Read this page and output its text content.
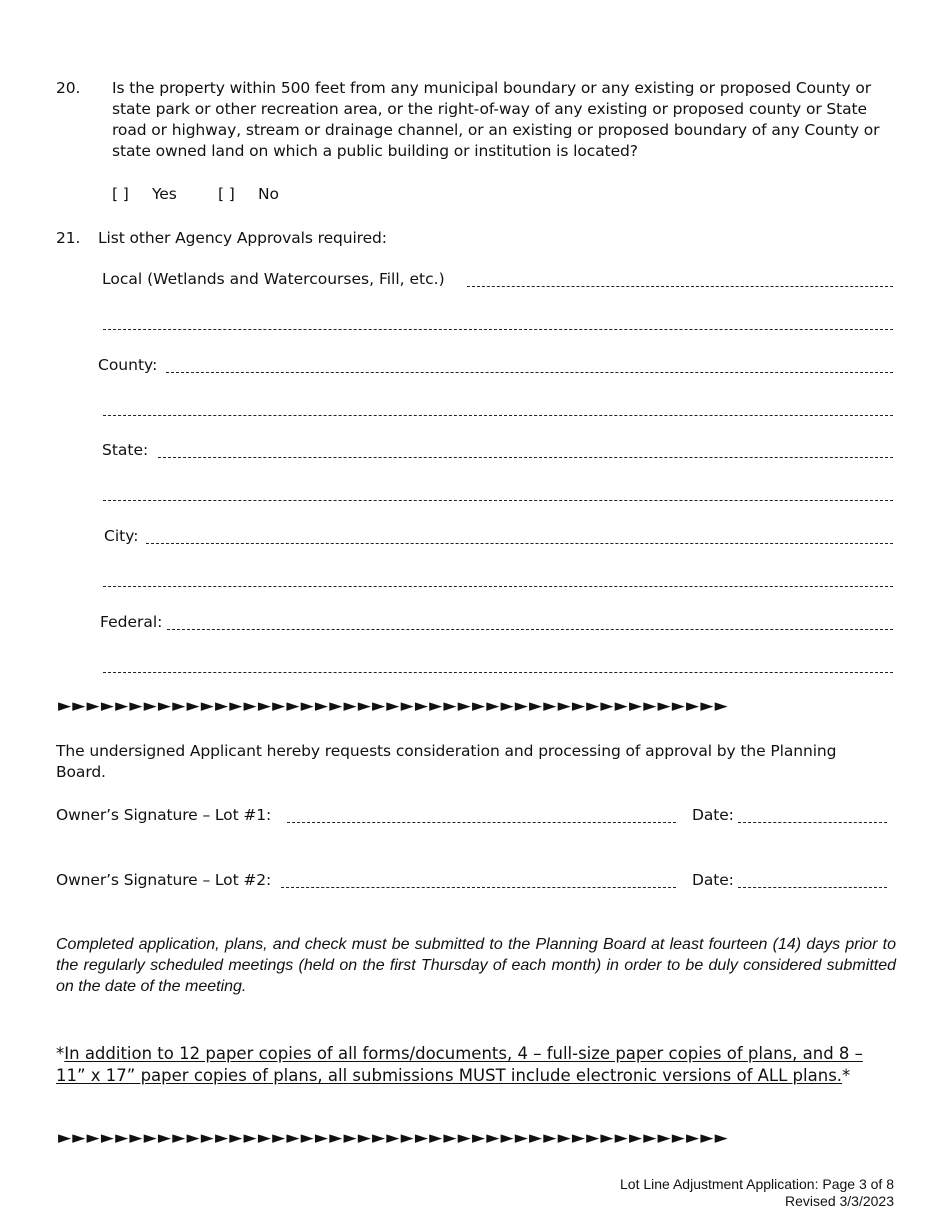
20. Is the property within 500 feet from any municipal boundary or any existing or proposed County or state park or other recreation area, or the right-of-way of any existing or proposed county or State road or highway, stream or drainage channel, or an existing or proposed boundary of any County or state owned land on which a public building or institution is located?
[ ] Yes	[ ] No
21. List other Agency Approvals required:
Local (Wetlands and Watercourses, Fill, etc.)
County:
State:
City:
Federal:
►►►►►►►►►►►►►►►►►►►►►►►►►►►►►►►►►►►►►►►►►►►►►►►
The undersigned Applicant hereby requests consideration and processing of approval by the Planning Board.
Owner’s Signature – Lot #1:	Date:
Owner’s Signature – Lot #2:	Date:
Completed application, plans, and check must be submitted to the Planning Board at least fourteen (14) days prior to the regularly scheduled meetings (held on the first Thursday of each month) in order to be duly considered submitted on the date of the meeting.
*In addition to 12 paper copies of all forms/documents, 4 – full-size paper copies of plans, and 8 – 11” x 17” paper copies of plans, all submissions MUST include electronic versions of ALL plans.*
►►►►►►►►►►►►►►►►►►►►►►►►►►►►►►►►►►►►►►►►►►►►►►►
Lot Line Adjustment Application: Page 3 of 8
Revised 3/3/2023
